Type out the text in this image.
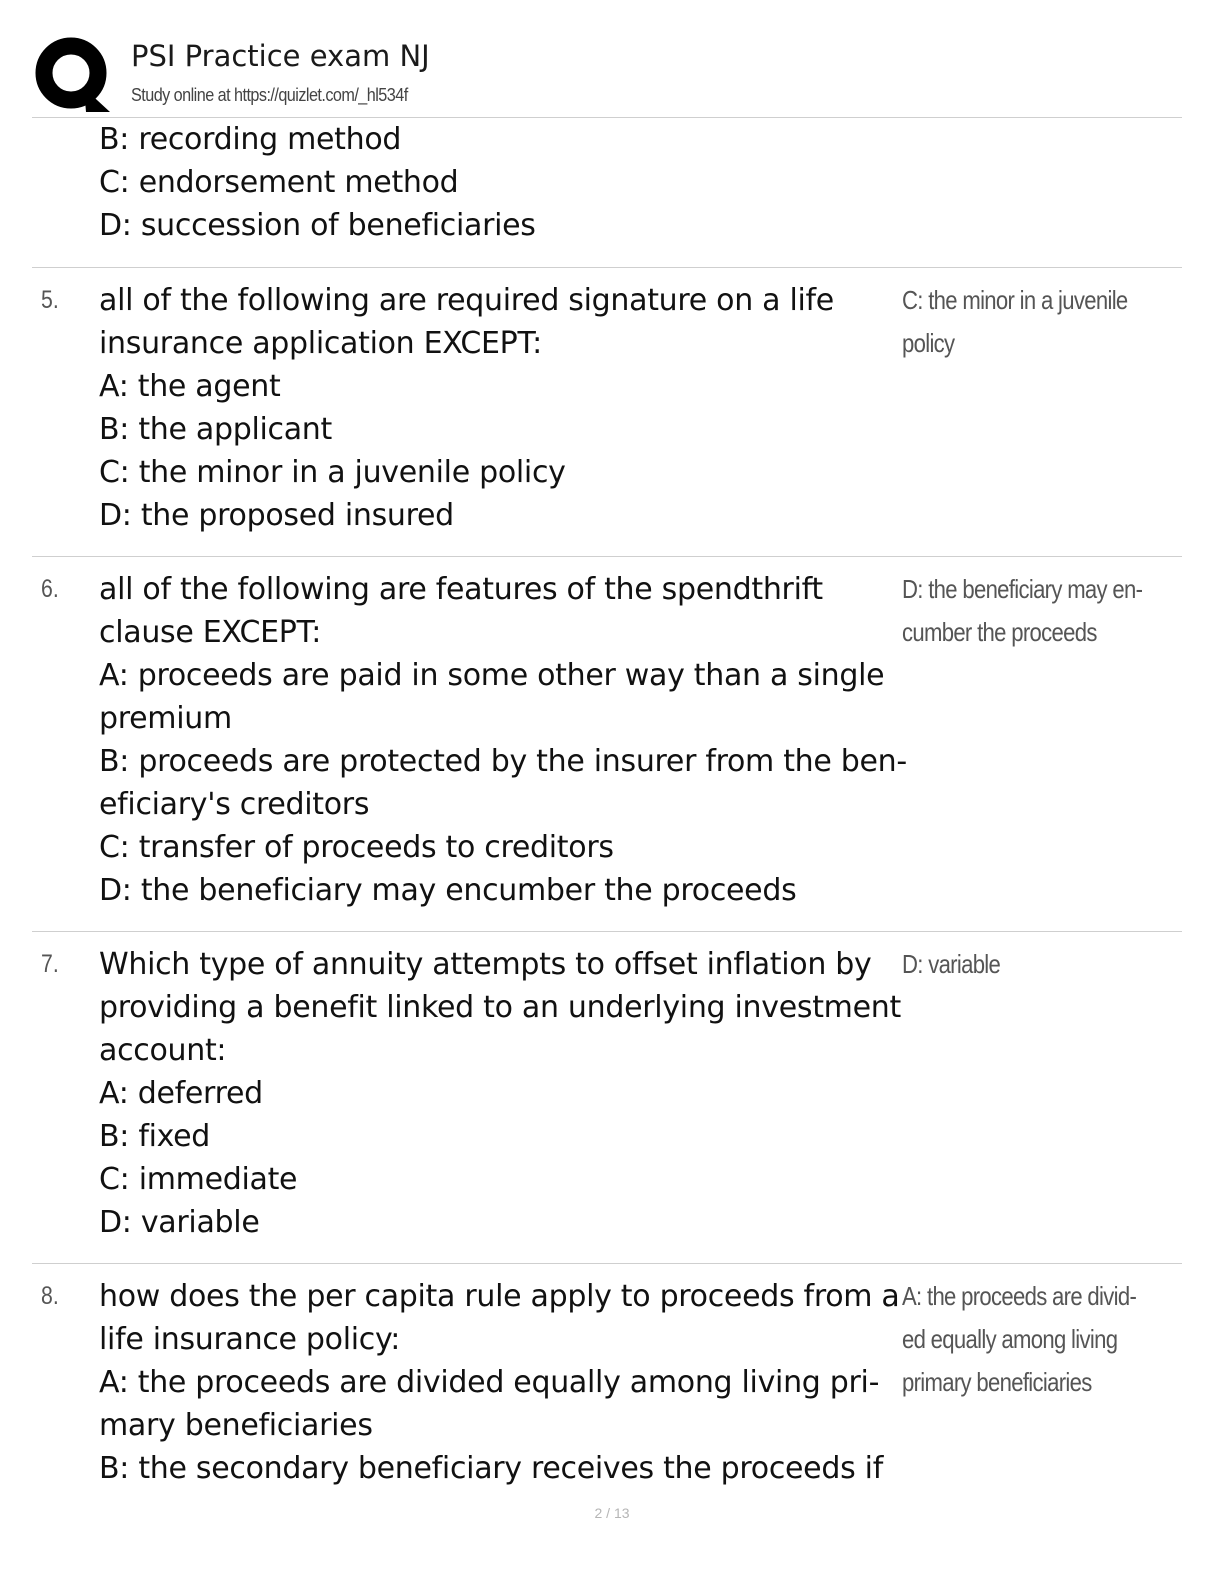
PSI Practice exam NJ
Study online at https://quizlet.com/_hl534f
B: recording method
C: endorsement method
D: succession of beneficiaries
5. all of the following are required signature on a life
insurance application EXCEPT:
A: the agent
B: the applicant
C: the minor in a juvenile policy
D: the proposed insured
C: the minor in a juvenile
policy
6. all of the following are features of the spendthrift
clause EXCEPT:
A: proceeds are paid in some other way than a single
premium
B: proceeds are protected by the insurer from the ben-
eficiary's creditors
C: transfer of proceeds to creditors
D: the beneficiary may encumber the proceeds
D: the beneficiary may en-
cumber the proceeds
7. Which type of annuity attempts to offset inflation by
providing a benefit linked to an underlying investment
account:
A: deferred
B: fixed
C: immediate
D: variable
D: variable
8. how does the per capita rule apply to proceeds from a
life insurance policy:
A: the proceeds are divided equally among living pri-
mary beneficiaries
B: the secondary beneficiary receives the proceeds if
A: the proceeds are divid-
ed equally among living
primary beneficiaries
2 / 13
